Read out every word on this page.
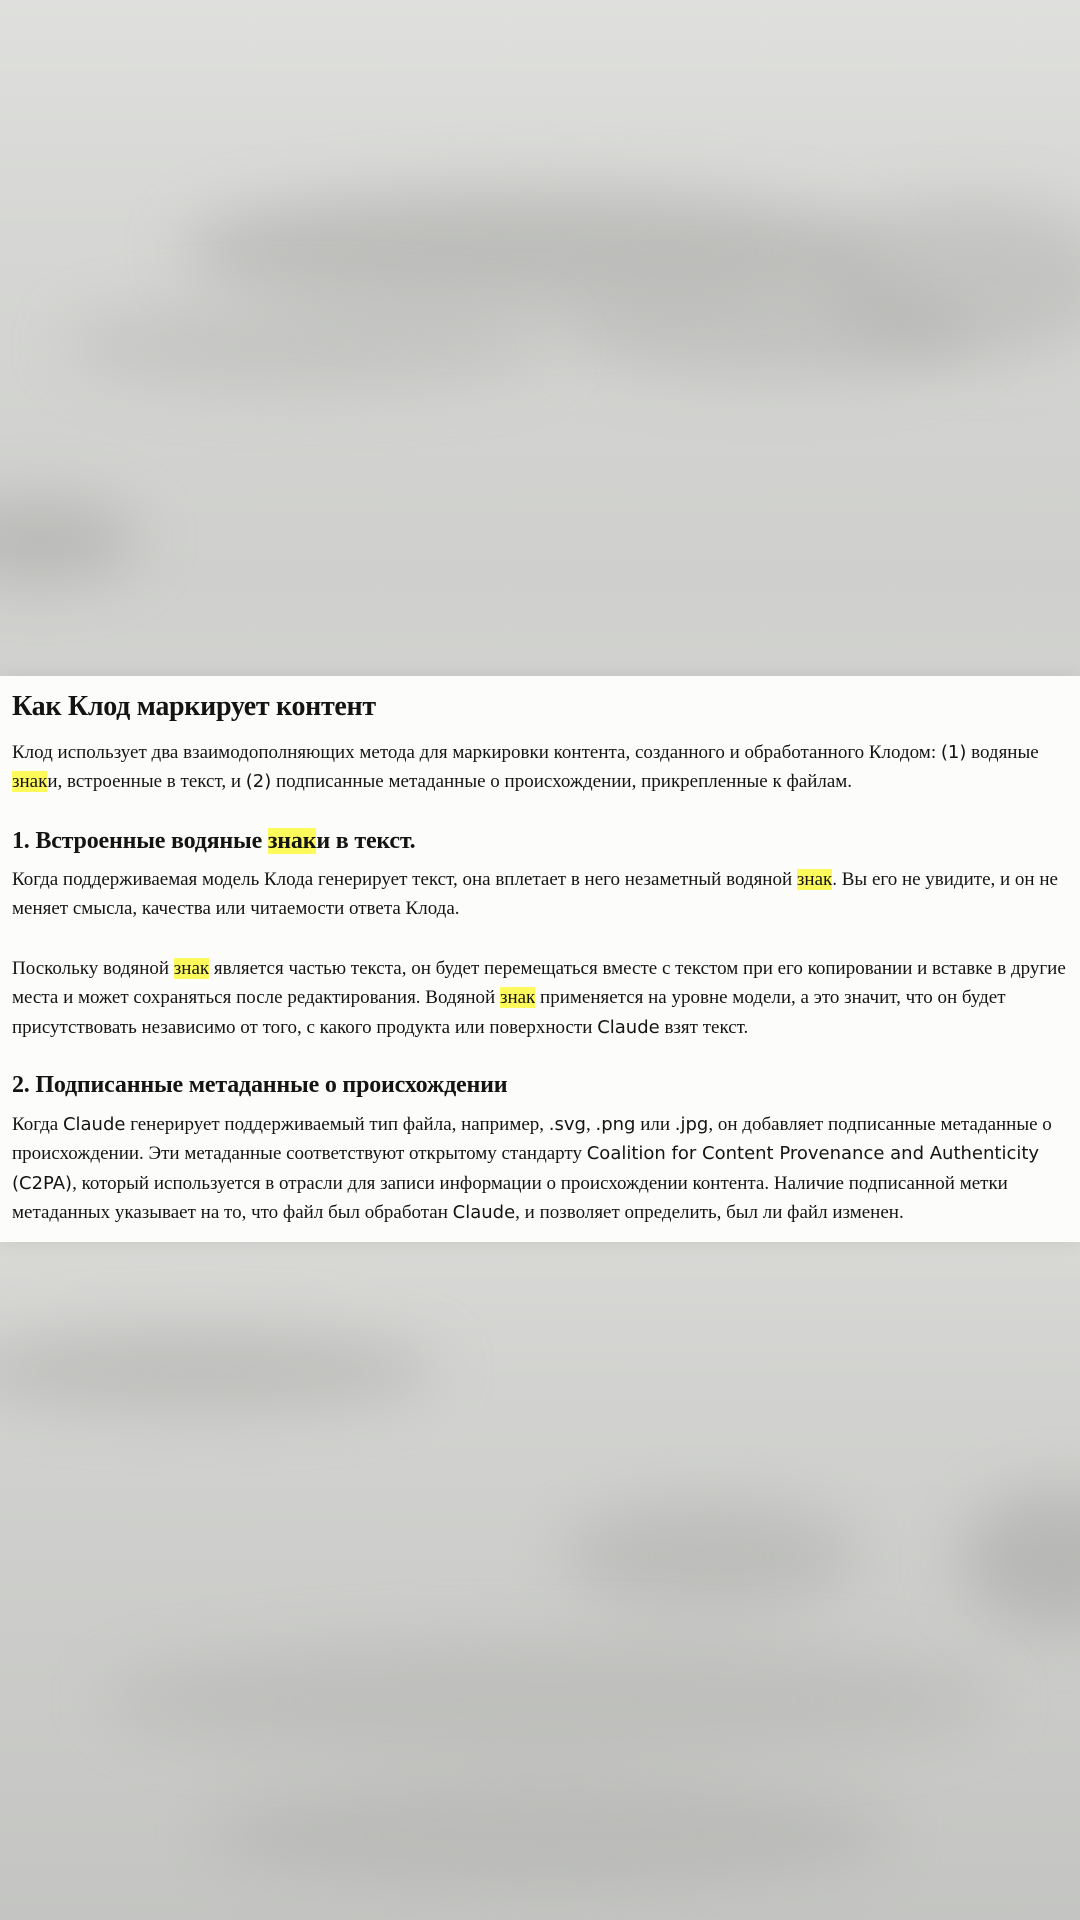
Как Клод маркирует контент

Клод использует два взаимодополняющих метода для маркировки контента, созданного и обработанного Клодом: (1) водяные знаки, встроенные в текст, и (2) подписанные метаданные о происхождении, прикрепленные к файлам.

1. Встроенные водяные знаки в текст.

Когда поддерживаемая модель Клода генерирует текст, она вплетает в него незаметный водяной знак. Вы его не увидите, и он не меняет смысла, качества или читаемости ответа Клода.

Поскольку водяной знак является частью текста, он будет перемещаться вместе с текстом при его копировании и вставке в другие места и может сохраняться после редактирования. Водяной знак применяется на уровне модели, а это значит, что он будет присутствовать независимо от того, с какого продукта или поверхности Claude взят текст.

2. Подписанные метаданные о происхождении

Когда Claude генерирует поддерживаемый тип файла, например, .svg, .png или .jpg, он добавляет подписанные метаданные о происхождении. Эти метаданные соответствуют открытому стандарту Coalition for Content Provenance and Authenticity (C2PA), который используется в отрасли для записи информации о происхождении контента. Наличие подписанной метки метаданных указывает на то, что файл был обработан Claude, и позволяет определить, был ли файл изменен.
